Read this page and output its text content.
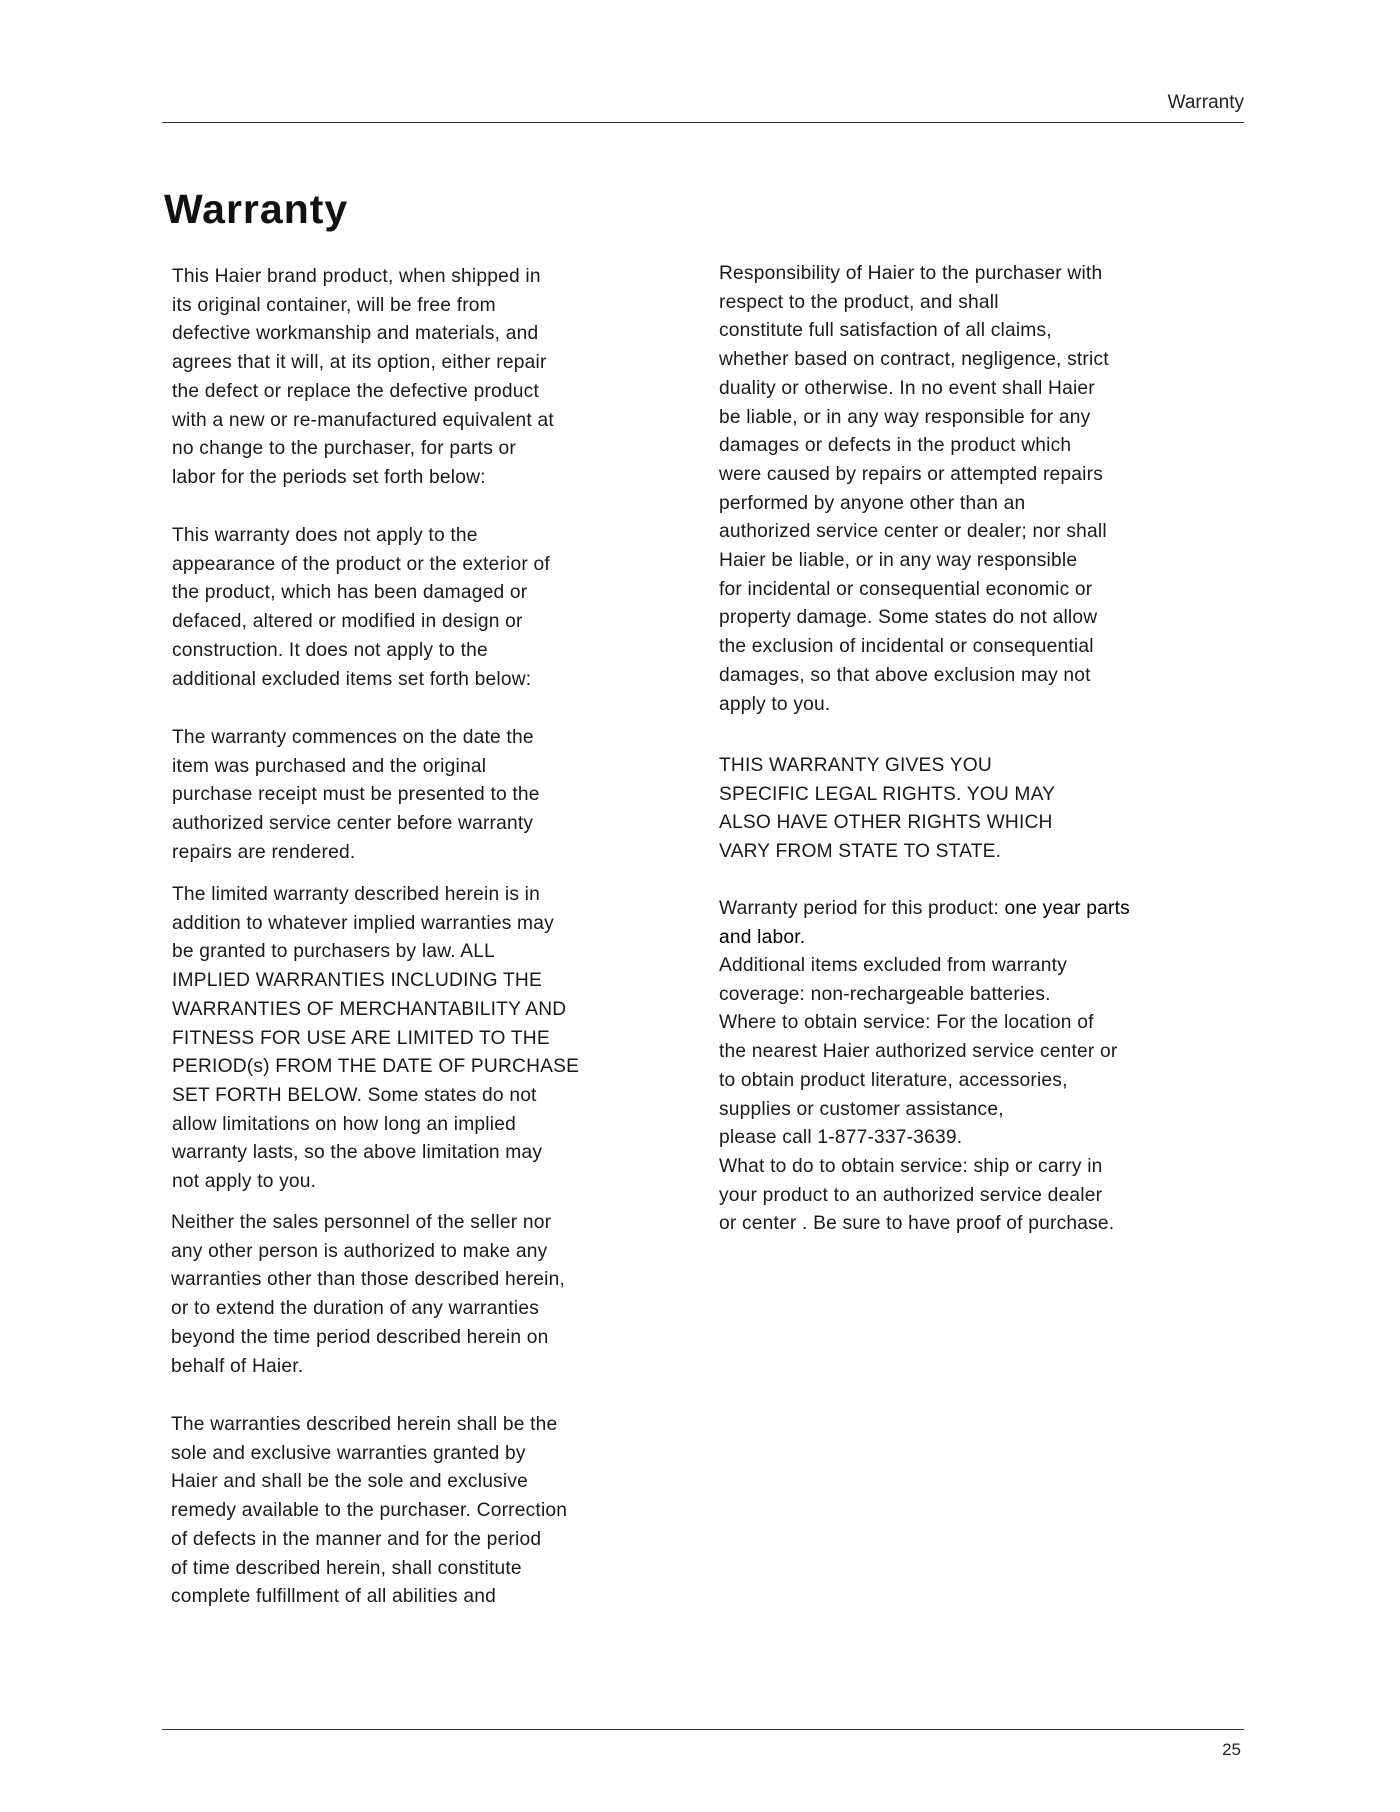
Warranty
Warranty

This Haier brand product, when shipped in
its original container, will be free from
defective workmanship and materials, and
agrees that it will, at its option, either repair
the defect or replace the defective product
with a new or re-manufactured equivalent at
no change to the purchaser, for parts or
labor for the periods set forth below:

This warranty does not apply to the
appearance of the product or the exterior of
the product, which has been damaged or
defaced, altered or modified in design or
construction. It does not apply to the
additional excluded items set forth below:

The warranty commences on the date the
item was purchased and the original
purchase receipt must be presented to the
authorized service center before warranty
repairs are rendered.

The limited warranty described herein is in
addition to whatever implied warranties may
be granted to purchasers by law. ALL
IMPLIED WARRANTIES INCLUDING THE
WARRANTIES OF MERCHANTABILITY AND
FITNESS FOR USE ARE LIMITED TO THE
PERIOD(s) FROM THE DATE OF PURCHASE
SET FORTH BELOW. Some states do not
allow limitations on how long an implied
warranty lasts, so the above limitation may
not apply to you.

Neither the sales personnel of the seller nor
any other person is authorized to make any
warranties other than those described herein,
or to extend the duration of any warranties
beyond the time period described herein on
behalf of Haier.

The warranties described herein shall be the
sole and exclusive warranties granted by
Haier and shall be the sole and exclusive
remedy available to the purchaser. Correction
of defects in the manner and for the period
of time described herein, shall constitute
complete fulfillment of all abilities and

Responsibility of Haier to the purchaser with
respect to the product, and shall
constitute full satisfaction of all claims,
whether based on contract, negligence, strict
duality or otherwise. In no event shall Haier
be liable, or in any way responsible for any
damages or defects in the product which
were caused by repairs or attempted repairs
performed by anyone other than an
authorized service center or dealer; nor shall
Haier be liable, or in any way responsible
for incidental or consequential economic or
property damage. Some states do not allow
the exclusion of incidental or consequential
damages, so that above exclusion may not
apply to you.

THIS WARRANTY GIVES YOU
SPECIFIC LEGAL RIGHTS. YOU MAY
ALSO HAVE OTHER RIGHTS WHICH
VARY FROM STATE TO STATE.

Warranty period for this product: one year parts
and labor.

Additional items excluded from warranty
coverage: non-rechargeable batteries.
Where to obtain service: For the location of
the nearest Haier authorized service center or
to obtain product literature, accessories,
supplies or customer assistance,
please call 1-877-337-3639.
What to do to obtain service: ship or carry in
your product to an authorized service dealer
or center . Be sure to have proof of purchase.

25
